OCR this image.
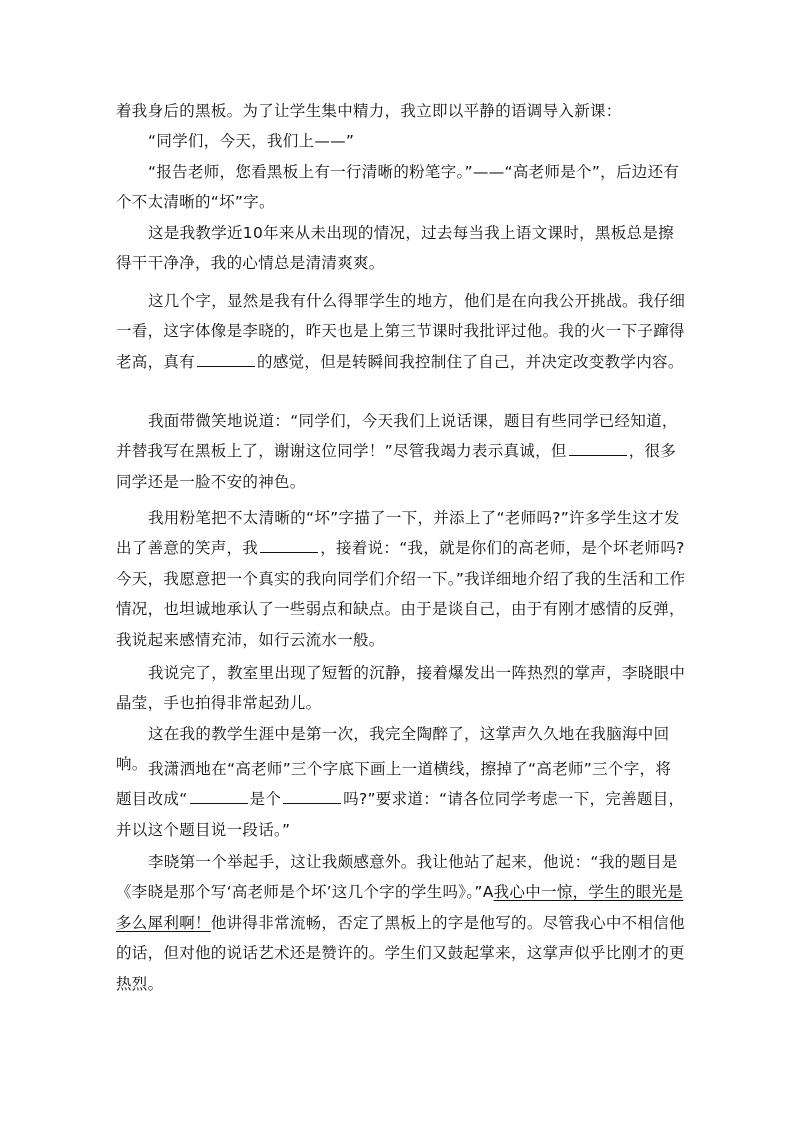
着我身后的黑板。为了让学生集中精力，我立即以平静的语调导入新课：

“同学们，今天，我们上——”

“报告老师，您看黑板上有一行清晰的粉笔字。”——“高老师是个”，后边还有个不太清晰的“坏”字。

这是我教学近10年来从未出现的情况，过去每当我上语文课时，黑板总是擦得干干净净，我的心情总是清清爽爽。

这几个字，显然是我有什么得罪学生的地方，他们是在向我公开挑战。我仔细一看，这字体像是李晓的，昨天也是上第三节课时我批评过他。我的火一下子蹿得老高，真有	的感觉，但是转瞬间我控制住了自己，并决定改变教学内容。

我面带微笑地说道：“同学们，今天我们上说话课，题目有些同学已经知道，并替我写在黑板上了，谢谢这位同学！”尽管我竭力表示真诚，但	，很多同学还是一脸不安的神色。

我用粉笔把不太清晰的“坏”字描了一下，并添上了“老师吗?”许多学生这才发出了善意的笑声，我	，接着说：“我，就是你们的高老师，是个坏老师吗?今天，我愿意把一个真实的我向同学们介绍一下。”我详细地介绍了我的生活和工作情况，也坦诚地承认了一些弱点和缺点。由于是谈自己，由于有刚才感情的反弹，我说起来感情充沛，如行云流水一般。

我说完了，教室里出现了短暂的沉静，接着爆发出一阵热烈的掌声，李晓眼中晶莹，手也拍得非常起劲儿。

这在我的教学生涯中是第一次，我完全陶醉了，这掌声久久地在我脑海中回响。 我潇洒地在“高老师”三个字底下画上一道横线，擦掉了“高老师”三个字，将题目改成“	是个	吗?”要求道：“请各位同学考虑一下，完善题目，并以这个题目说一段话。”

李晓第一个举起手，这让我颇感意外。我让他站了起来，他说：“我的题目是《李晓是那个写‘高老师是个坏’这几个字的学生吗》。”A我心中一惊，学生的眼光是多么犀利啊！他讲得非常流畅，否定了黑板上的字是他写的。尽管我心中不相信他的话，但对他的说话艺术还是赞许的。学生们又鼓起掌来，这掌声似乎比刚才的更热烈。
